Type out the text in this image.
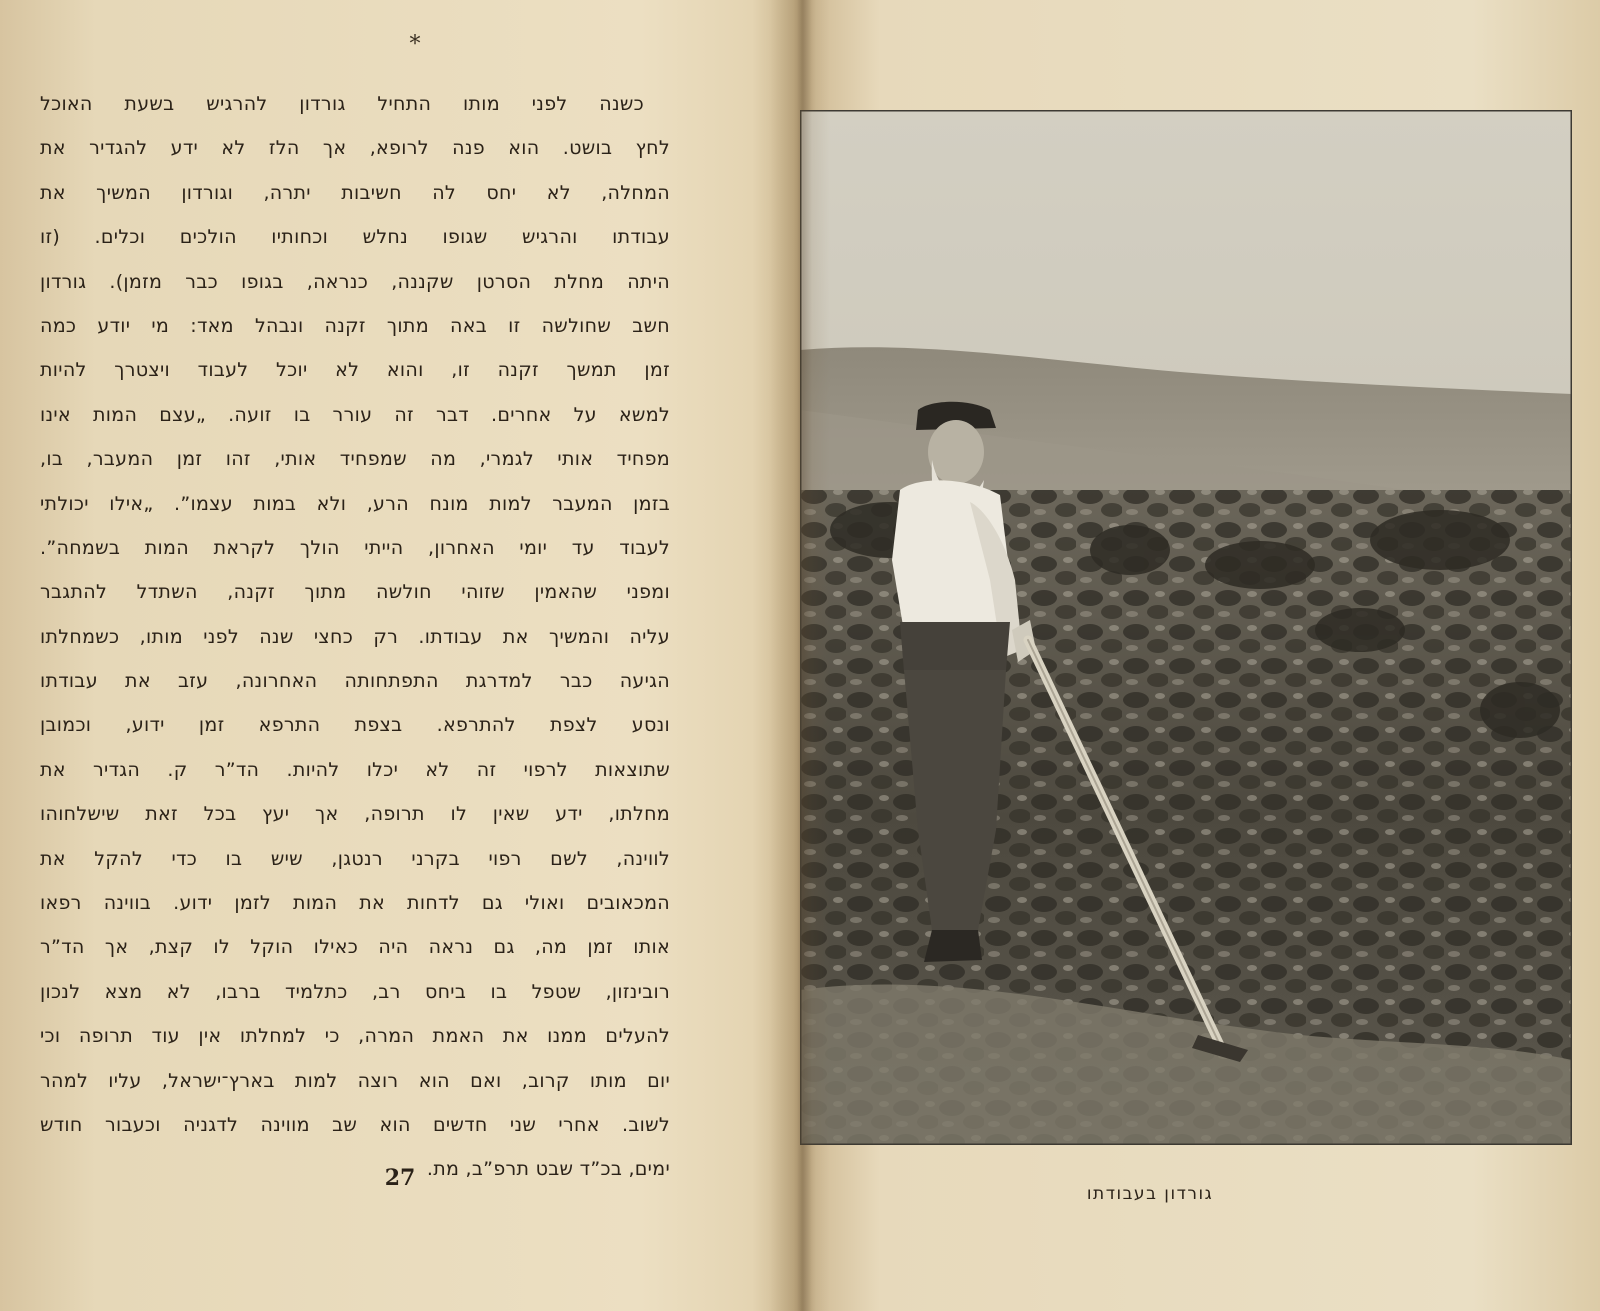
*
כשנה לפני מותו התחיל גורדון להרגיש בשעת האוכל
לחץ בושט. הוא פנה לרופא, אך הלז לא ידע להגדיר את
המחלה, לא יחס לה חשיבות יתרה, וגורדון המשיך את
עבודתו והרגיש שגופו נחלש וכחותיו הולכים וכלים. (זו
היתה מחלת הסרטן שקננה, כנראה, בגופו כבר מזמן). גורדון
חשב שחולשה זו באה מתוך זקנה ונבהל מאד: מי יודע כמה
זמן תמשך זקנה זו, והוא לא יוכל לעבוד ויצטרך להיות
למשא על אחרים. דבר זה עורר בו זועה. „עצם המות אינו
מפחיד אותי לגמרי, מה שמפחיד אותי, זהו זמן המעבר, בו,
בזמן המעבר למות מונח הרע, ולא במות עצמו”. „אילו יכולתי
לעבוד עד יומי האחרון, הייתי הולך לקראת המות בשמחה”.
ומפני שהאמין שזוהי חולשה מתוך זקנה, השתדל להתגבר
עליה והמשיך את עבודתו. רק כחצי שנה לפני מותו, כשמחלתו
הגיעה כבר למדרגת התפתחותה האחרונה, עזב את עבודתו
ונסע לצפת להתרפא. בצפת התרפא זמן ידוע, וכמובן
שתוצאות לרפוי זה לא יכלו להיות. הד”ר ק. הגדיר את
מחלתו, ידע שאין לו תרופה, אך יעץ בכל זאת שישלחוהו
לווינה, לשם רפוי בקרני רנטגן, שיש בו כדי להקל את
המכאובים ואולי גם לדחות את המות לזמן ידוע. בווינה רפאו
אותו זמן מה, גם נראה היה כאילו הוקל לו קצת, אך הד”ר
רובינזון, שטפל בו ביחס רב, כתלמיד ברבו, לא מצא לנכון
להעלים ממנו את האמת המרה, כי למחלתו אין עוד תרופה וכי
יום מותו קרוב, ואם הוא רוצה למות בארץ־ישראל, עליו למהר
לשוב. אחרי שני חדשים הוא שב מווינה לדגניה וכעבור חודש
ימים, בכ”ד שבט תרפ”ב, מת.
27
גורדון בעבודתו
